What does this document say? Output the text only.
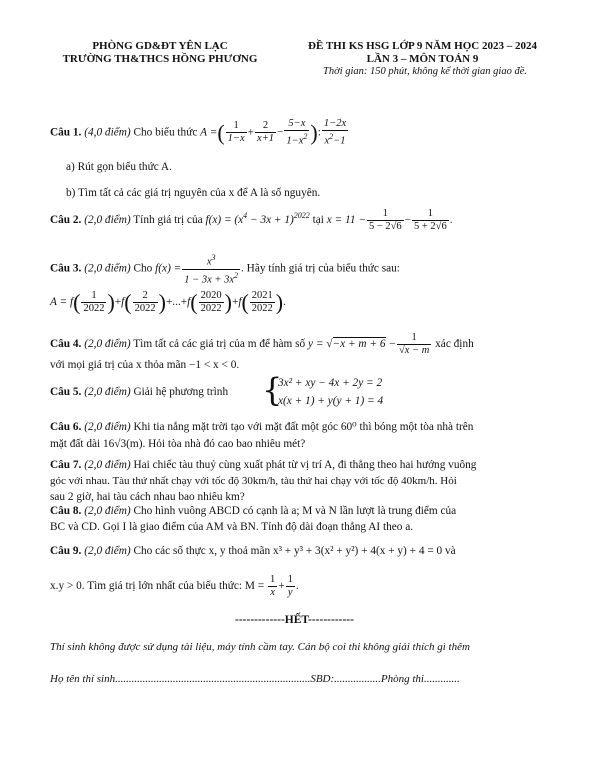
PHÒNG GD&ĐT YÊN LẠC
TRƯỜNG TH&THCS HỒNG PHƯƠNG
ĐỀ THI KS HSG LỚP 9 NĂM HỌC 2023 – 2024
LẦN 3 – MÔN TOÁN 9
Thời gian: 150 phút, không kể thời gian giao đề.
Câu 1. (4,0 điểm) Cho biểu thức A =( $\frac{1}{1-x} + \frac{2}{x+1} - \frac{5-x}{1-x^2}$ ): $\frac{1-2x}{x^2-1}$
a) Rút gọn biểu thức A.
b) Tìm tất cả các giá trị nguyên của x để A là số nguyên.
Câu 2. (2,0 điểm) Tính giá trị của $f(x) = (x^4 - 3x + 1)^{2022}$ tại $x = 11 - \frac{1}{5 - 2√6} - \frac{1}{5 + 2√6}$ .
Câu 3. (2,0 điểm) Cho $f(x) = \frac{x^3}{1 - 3x + 3x^2}$ . Hãy tính giá trị của biểu thức sau:
$A = f( \frac{1}{2022} )+f( \frac{2}{2022} )+...+f( \frac{2020}{2022} )+f( \frac{2021}{2022}$ ).
Câu 4. (2,0 điểm) Tìm tất cả các giá trị của m để hàm số $y = √-x + m + 6 - \frac{1}{√x - m}$ xác định
với mọi giá trị của x thỏa mãn −1 < x < 0.
Câu 5. (2,0 điểm) Giải hệ phương trình {
3x² + xy − 4x + 2y = 2
x(x + 1) + y(y + 1) = 4
Câu 6. (2,0 điểm) Khi tia nắng mặt trời tạo với mặt đất một góc 60⁰ thì bóng một tòa nhà trên
mặt đất dài 16√3(m). Hỏi tòa nhà đó cao bao nhiêu mét?
Câu 7. (2,0 điểm) Hai chiếc tàu thuỷ cùng xuất phát từ vị trí A, đi thẳng theo hai hướng vuông
góc với nhau. Tàu thứ nhất chạy với tốc độ 30km/h, tàu thứ hai chạy với tốc độ 40km/h. Hỏi
sau 2 giờ, hai tàu cách nhau bao nhiêu km?
Câu 8. (2,0 điểm) Cho hình vuông ABCD có cạnh là a; M và N lần lượt là trung điểm của
BC và CD. Gọi I là giao điểm của AM và BN. Tính độ dài đoạn thẳng AI theo a.
Câu 9. (2,0 điểm) Cho các số thực x, y thoả mãn x³ + y³ + 3(x² + y²) + 4(x + y) + 4 = 0 và
x.y > 0. Tìm giá trị lớn nhất của biểu thức: $M = \frac{1}{x} + \frac{1}{y}$ .
-------------HẾT------------
Thí sinh không được sử dụng tài liệu, máy tính cầm tay. Cán bộ coi thi không giải thích gì thêm
Họ tên thí sinh.......................................................................SBD:.................Phòng thi.............
